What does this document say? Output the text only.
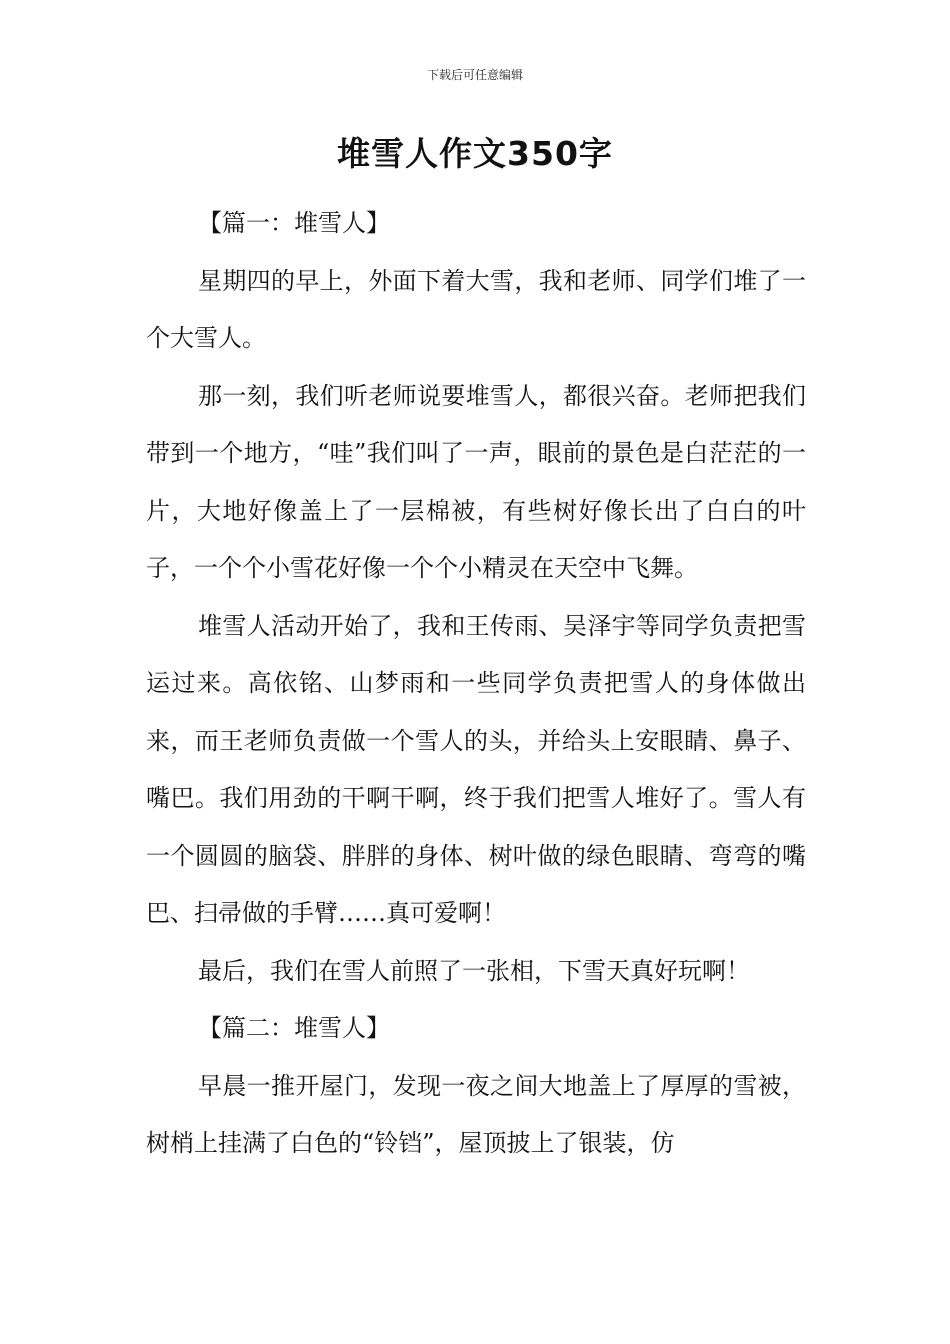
下载后可任意编辑
堆雪人作文350字

【篇一：堆雪人】

星期四的早上，外面下着大雪，我和老师、同学们堆了一个大雪人。

那一刻，我们听老师说要堆雪人，都很兴奋。老师把我们带到一个地方，“哇”我们叫了一声，眼前的景色是白茫茫的一片，大地好像盖上了一层棉被，有些树好像长出了白白的叶子，一个个小雪花好像一个个小精灵在天空中飞舞。

堆雪人活动开始了，我和王传雨、吴泽宇等同学负责把雪运过来。高依铭、山梦雨和一些同学负责把雪人的身体做出来，而王老师负责做一个雪人的头，并给头上安眼睛、鼻子、嘴巴。我们用劲的干啊干啊，终于我们把雪人堆好了。雪人有一个圆圆的脑袋、胖胖的身体、树叶做的绿色眼睛、弯弯的嘴巴、扫帚做的手臂……真可爱啊！

最后，我们在雪人前照了一张相，下雪天真好玩啊！

【篇二：堆雪人】

早晨一推开屋门，发现一夜之间大地盖上了厚厚的雪被，树梢上挂满了白色的“铃铛”，屋顶披上了银装，仿
